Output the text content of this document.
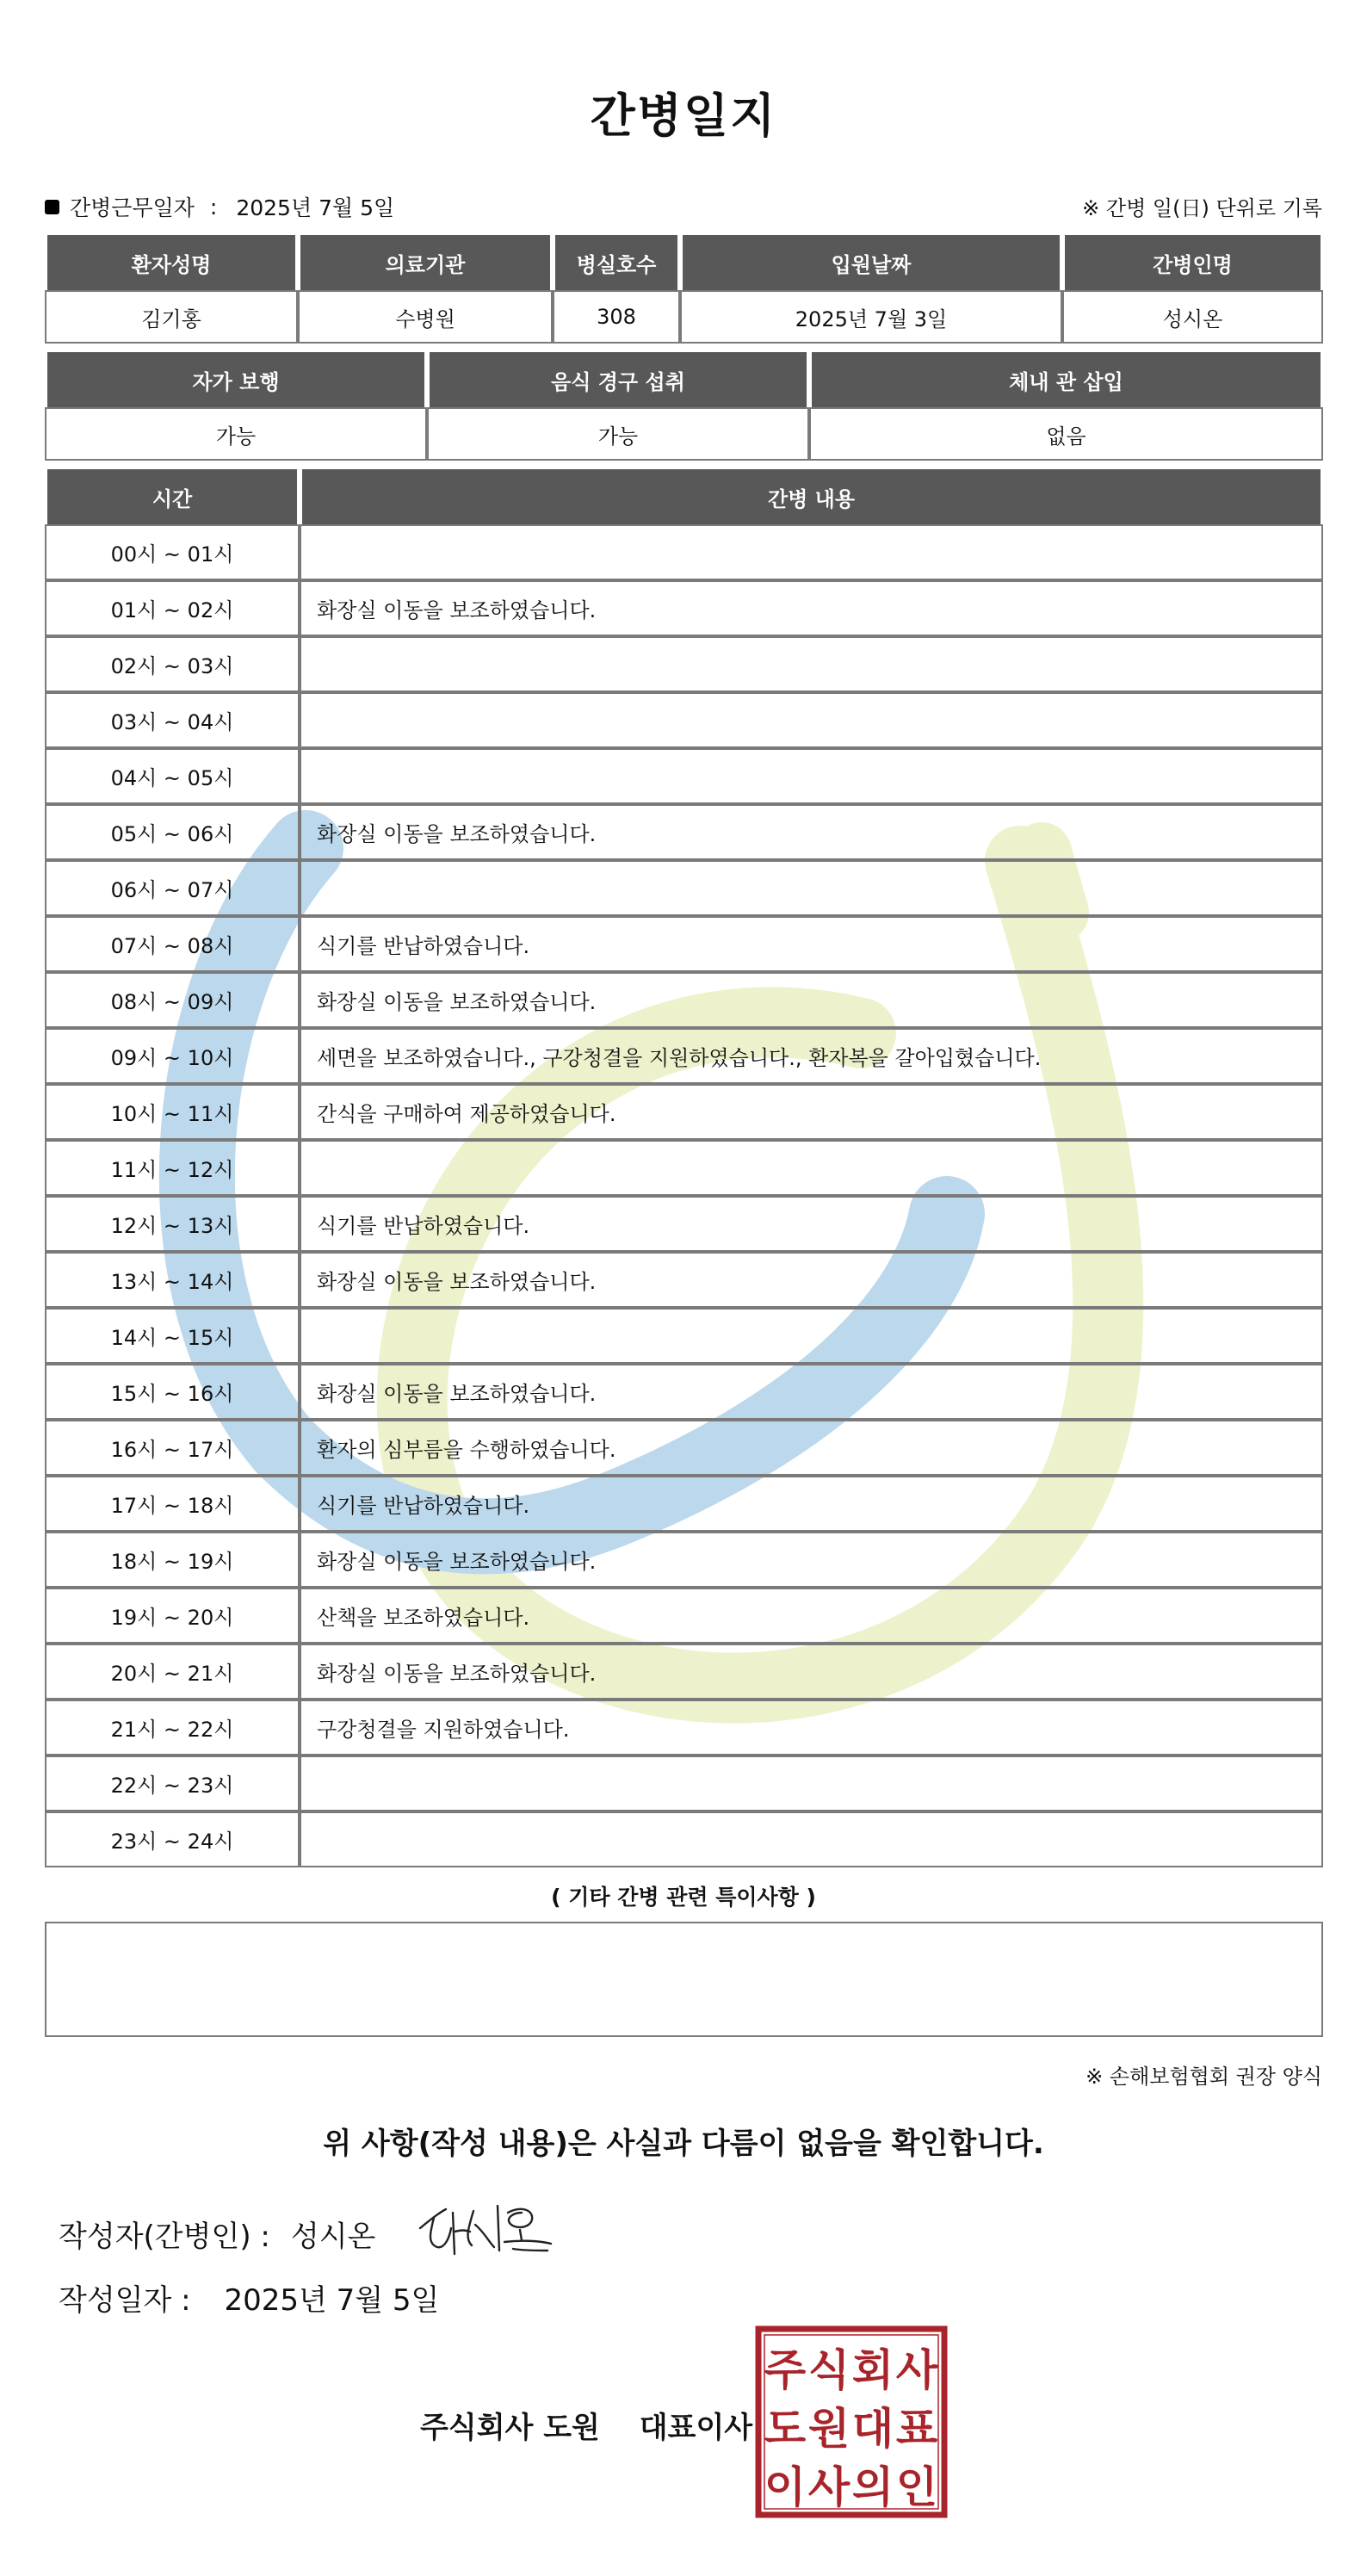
간병일지
간병근무일자 : 2025년 7월 5일	※ 간병 일(日) 단위로 기록
환자성명	의료기관	병실호수	입원날짜	간병인명
김기홍	수병원	308	2025년 7월 3일	성시온
자가 보행	음식 경구 섭취	체내 관 삽입
가능	가능	없음
시간	간병 내용
00시 ~ 01시	
01시 ~ 02시	화장실 이동을 보조하였습니다.
02시 ~ 03시	
03시 ~ 04시	
04시 ~ 05시	
05시 ~ 06시	화장실 이동을 보조하였습니다.
06시 ~ 07시	
07시 ~ 08시	식기를 반납하였습니다.
08시 ~ 09시	화장실 이동을 보조하였습니다.
09시 ~ 10시	세면을 보조하였습니다., 구강청결을 지원하였습니다., 환자복을 갈아입혔습니다.
10시 ~ 11시	간식을 구매하여 제공하였습니다.
11시 ~ 12시	
12시 ~ 13시	식기를 반납하였습니다.
13시 ~ 14시	화장실 이동을 보조하였습니다.
14시 ~ 15시	
15시 ~ 16시	화장실 이동을 보조하였습니다.
16시 ~ 17시	환자의 심부름을 수행하였습니다.
17시 ~ 18시	식기를 반납하였습니다.
18시 ~ 19시	화장실 이동을 보조하였습니다.
19시 ~ 20시	산책을 보조하였습니다.
20시 ~ 21시	화장실 이동을 보조하였습니다.
21시 ~ 22시	구강청결을 지원하였습니다.
22시 ~ 23시	
23시 ~ 24시	
( 기타 간병 관련 특이사항 )
※ 손해보험협회 권장 양식
위 사항(작성 내용)은 사실과 다름이 없음을 확인합니다.
작성자(간병인) : 성시온
작성일자 : 2025년 7월 5일
주식회사 도원 대표이사
주 식 회 사
도 원 대 표
이 사 의 인
